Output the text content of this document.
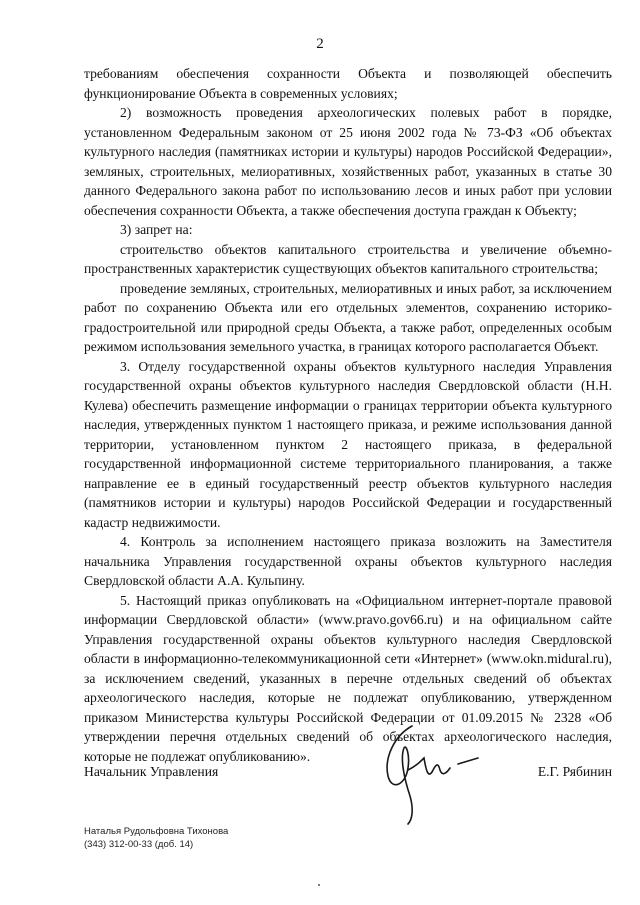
2

требованиям обеспечения сохранности Объекта и позволяющей обеспечить функционирование Объекта в современных условиях;

2) возможность проведения археологических полевых работ в порядке, установленном Федеральным законом от 25 июня 2002 года № 73-ФЗ «Об объектах культурного наследия (памятниках истории и культуры) народов Российской Федерации», земляных, строительных, мелиоративных, хозяйственных работ, указанных в статье 30 данного Федерального закона работ по использованию лесов и иных работ при условии обеспечения сохранности Объекта, а также обеспечения доступа граждан к Объекту;

3) запрет на:

строительство объектов капитального строительства и увеличение объемно-пространственных характеристик существующих объектов капитального строительства;

проведение земляных, строительных, мелиоративных и иных работ, за исключением работ по сохранению Объекта или его отдельных элементов, сохранению историко-градостроительной или природной среды Объекта, а также работ, определенных особым режимом использования земельного участка, в границах которого располагается Объект.

3. Отделу государственной охраны объектов культурного наследия Управления государственной охраны объектов культурного наследия Свердловской области (Н.Н. Кулева) обеспечить размещение информации о границах территории объекта культурного наследия, утвержденных пунктом 1 настоящего приказа, и режиме использования данной территории, установленном пунктом 2 настоящего приказа, в федеральной государственной информационной системе территориального планирования, а также направление ее в единый государственный реестр объектов культурного наследия (памятников истории и культуры) народов Российской Федерации и государственный кадастр недвижимости.

4. Контроль за исполнением настоящего приказа возложить на Заместителя начальника Управления государственной охраны объектов культурного наследия Свердловской области А.А. Кульпину.

5. Настоящий приказ опубликовать на «Официальном интернет-портале правовой информации Свердловской области» (www.pravo.gov66.ru) и на официальном сайте Управления государственной охраны объектов культурного наследия Свердловской области в информационно-телекоммуникационной сети «Интернет» (www.okn.midural.ru), за исключением сведений, указанных в перечне отдельных сведений об объектах археологического наследия, которые не подлежат опубликованию, утвержденном приказом Министерства культуры Российской Федерации от 01.09.2015 № 2328 «Об утверждении перечня отдельных сведений об объектах археологического наследия, которые не подлежат опубликованию».

Начальник Управления	Е.Г. Рябинин
Наталья Рудольфовна Тихонова
(343) 312-00-33 (доб. 14)
